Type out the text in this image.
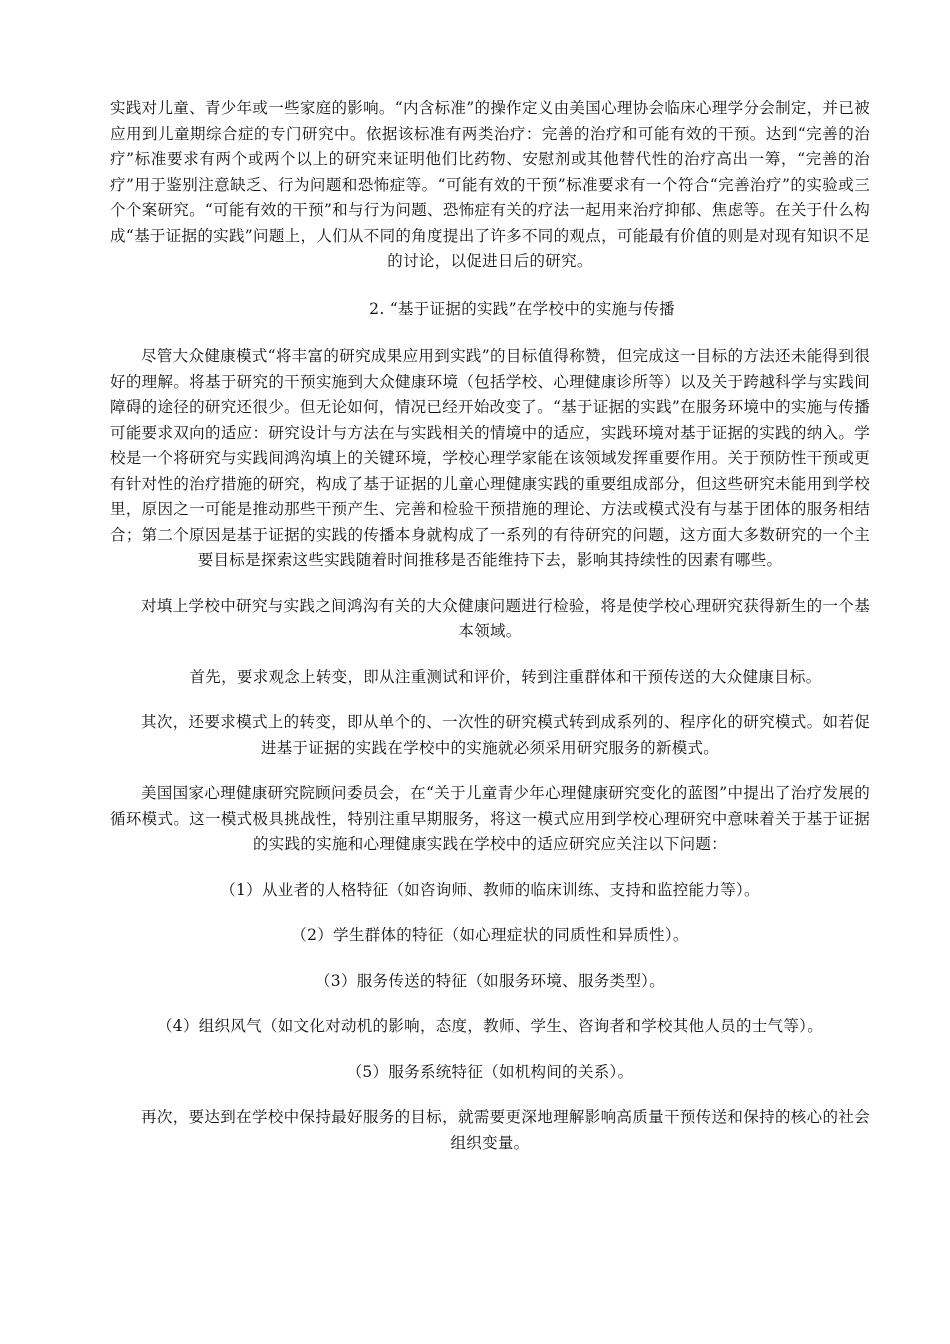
实践对儿童、青少年或一些家庭的影响。“内含标准”的操作定义由美国心理协会临床心理学分会制定，并已被应用到儿童期综合症的专门研究中。依据该标准有两类治疗：完善的治疗和可能有效的干预。达到“完善的治疗”标准要求有两个或两个以上的研究来证明他们比药物、安慰剂或其他替代性的治疗高出一筹，“完善的治疗”用于鉴别注意缺乏、行为问题和恐怖症等。“可能有效的干预”标准要求有一个符合“完善治疗”的实验或三个个案研究。“可能有效的干预”和与行为问题、恐怖症有关的疗法一起用来治疗抑郁、焦虑等。在关于什么构成“基于证据的实践”问题上，人们从不同的角度提出了许多不同的观点，可能最有价值的则是对现有知识不足的讨论，以促进日后的研究。

2. “基于证据的实践”在学校中的实施与传播

尽管大众健康模式“将丰富的研究成果应用到实践”的目标值得称赞，但完成这一目标的方法还未能得到很好的理解。将基于研究的干预实施到大众健康环境（包括学校、心理健康诊所等）以及关于跨越科学与实践间障碍的途径的研究还很少。但无论如何，情况已经开始改变了。“基于证据的实践”在服务环境中的实施与传播可能要求双向的适应：研究设计与方法在与实践相关的情境中的适应，实践环境对基于证据的实践的纳入。学校是一个将研究与实践间鸿沟填上的关键环境，学校心理学家能在该领域发挥重要作用。关于预防性干预或更有针对性的治疗措施的研究，构成了基于证据的儿童心理健康实践的重要组成部分，但这些研究未能用到学校里，原因之一可能是推动那些干预产生、完善和检验干预措施的理论、方法或模式没有与基于团体的服务相结合；第二个原因是基于证据的实践的传播本身就构成了一系列的有待研究的问题，这方面大多数研究的一个主要目标是探索这些实践随着时间推移是否能维持下去，影响其持续性的因素有哪些。

对填上学校中研究与实践之间鸿沟有关的大众健康问题进行检验，将是使学校心理研究获得新生的一个基本领域。

首先，要求观念上转变，即从注重测试和评价，转到注重群体和干预传送的大众健康目标。

其次，还要求模式上的转变，即从单个的、一次性的研究模式转到成系列的、程序化的研究模式。如若促进基于证据的实践在学校中的实施就必须采用研究服务的新模式。

美国国家心理健康研究院顾问委员会，在“关于儿童青少年心理健康研究变化的蓝图”中提出了治疗发展的循环模式。这一模式极具挑战性，特别注重早期服务，将这一模式应用到学校心理研究中意味着关于基于证据的实践的实施和心理健康实践在学校中的适应研究应关注以下问题：

（1）从业者的人格特征（如咨询师、教师的临床训练、支持和监控能力等）。

（2）学生群体的特征（如心理症状的同质性和异质性）。

（3）服务传送的特征（如服务环境、服务类型）。

（4）组织风气（如文化对动机的影响，态度，教师、学生、咨询者和学校其他人员的士气等）。

（5）服务系统特征（如机构间的关系）。

再次，要达到在学校中保持最好服务的目标，就需要更深地理解影响高质量干预传送和保持的核心的社会组织变量。
